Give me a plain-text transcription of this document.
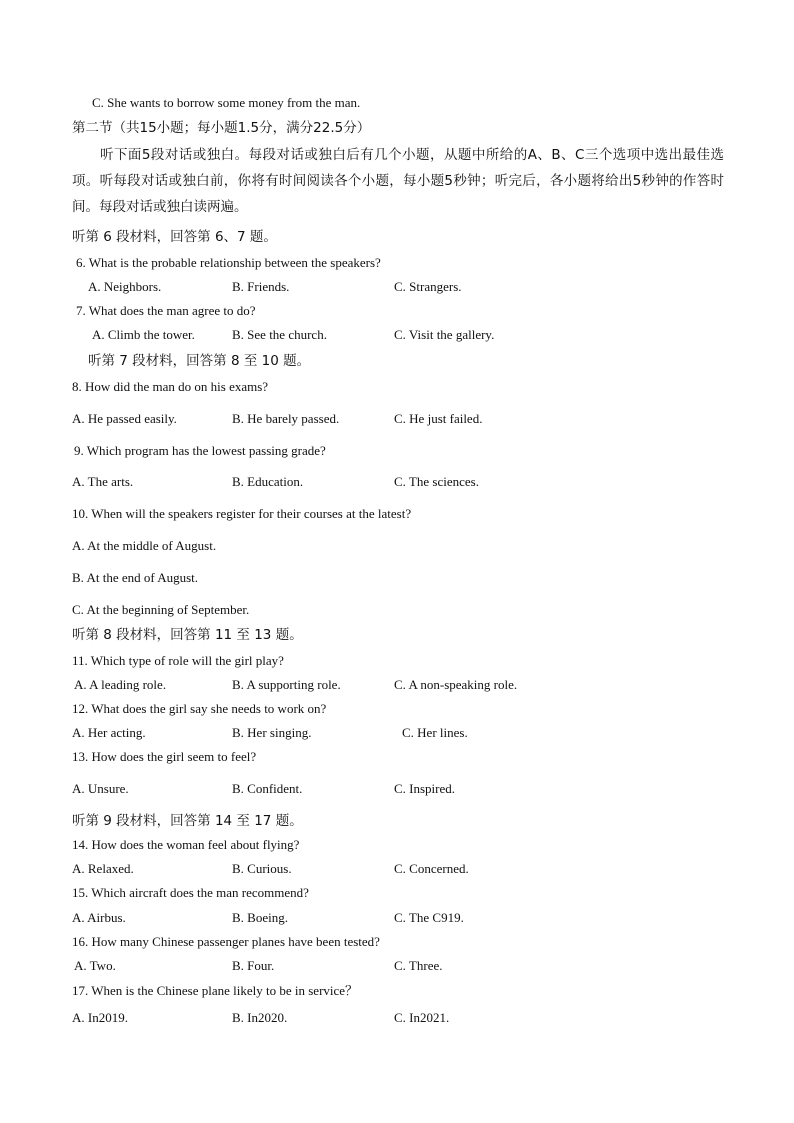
C. She wants to borrow some money from the man.
第二节（共15小题；每小题1.5分，满分22.5分）
听下面5段对话或独白。每段对话或独白后有几个小题，从题中所给的A、B、C三个选项中选出最佳选项。听每段对话或独白前，你将有时间阅读各个小题，每小题5秒钟；听完后，各小题将给出5秒钟的作答时间。每段对话或独白读两遍。
听第 6 段材料，回答第 6、7 题。
6. What is the probable relationship between the speakers?
A. Neighbors.	B. Friends.	C. Strangers.
7. What does the man agree to do?
A. Climb the tower.	B. See the church.	C. Visit the gallery.
听第 7 段材料，回答第 8 至 10 题。
8. How did the man do on his exams?
A. He passed easily.	B. He barely passed.	C. He just failed.
9. Which program has the lowest passing grade?
A. The arts.	B. Education.	C. The sciences.
10. When will the speakers register for their courses at the latest?
A. At the middle of August.
B. At the end of August.
C. At the beginning of September.
听第 8 段材料，回答第 11 至 13 题。
11. Which type of role will the girl play?
A. A leading role.	B. A supporting role.	C. A non-speaking role.
12. What does the girl say she needs to work on?
A. Her acting.	B. Her singing.	C. Her lines.
13. How does the girl seem to feel?
A. Unsure.	B. Confident.	C. Inspired.
听第 9 段材料，回答第 14 至 17 题。
14. How does the woman feel about flying?
A. Relaxed.	B. Curious.	C. Concerned.
15. Which aircraft does the man recommend?
A. Airbus.	B. Boeing.	C. The C919.
16. How many Chinese passenger planes have been tested?
A. Two.	B. Four.	C. Three.
17. When is the Chinese plane likely to be in service？
A. In2019.	B. In2020.	C. In2021.
